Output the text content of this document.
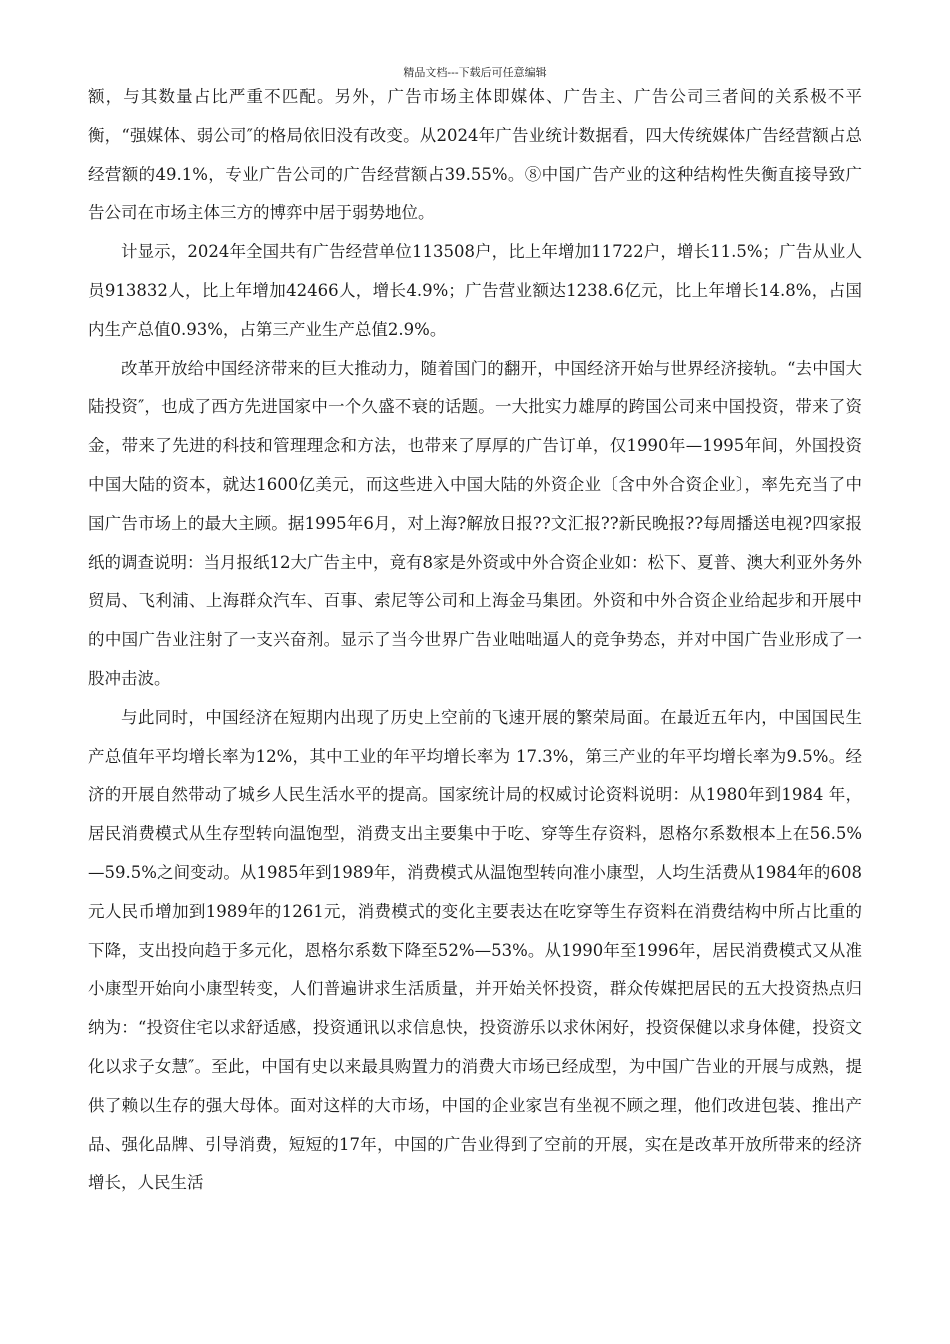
精品文档---下载后可任意编辑

额，与其数量占比严重不匹配。另外，广告市场主体即媒体、广告主、广告公司三者间的关系极不平衡，“强媒体、弱公司″的格局依旧没有改变。从2024年广告业统计数据看，四大传统媒体广告经营额占总经营额的49.1%，专业广告公司的广告经营额占39.55%。⑧中国广告产业的这种结构性失衡直接导致广告公司在市场主体三方的博弈中居于弱势地位。

计显示，2024年全国共有广告经营单位113508户，比上年增加11722户，增长11.5%；广告从业人员913832人，比上年增加42466人，增长4.9%；广告营业额达1238.6亿元，比上年增长14.8%，占国内生产总值0.93%，占第三产业生产总值2.9%。

改革开放给中国经济带来的巨大推动力，随着国门的翻开，中国经济开始与世界经济接轨。“去中国大陆投资″，也成了西方先进国家中一个久盛不衰的话题。一大批实力雄厚的跨国公司来中国投资，带来了资金，带来了先进的科技和管理理念和方法，也带来了厚厚的广告订单，仅1990年—1995年间，外国投资中国大陆的资本，就达1600亿美元，而这些进入中国大陆的外资企业〔含中外合资企业〕，率先充当了中国广告市场上的最大主顾。据1995年6月，对上海?解放日报??文汇报??新民晚报??每周播送电视?四家报纸的调查说明：当月报纸12大广告主中，竟有8家是外资或中外合资企业如：松下、夏普、澳大利亚外务外贸局、飞利浦、上海群众汽车、百事、索尼等公司和上海金马集团。外资和中外合资企业给起步和开展中的中国广告业注射了一支兴奋剂。显示了当今世界广告业咄咄逼人的竞争势态，并对中国广告业形成了一股冲击波。

与此同时，中国经济在短期内出现了历史上空前的飞速开展的繁荣局面。在最近五年内，中国国民生产总值年平均增长率为12%，其中工业的年平均增长率为 17.3%，第三产业的年平均增长率为9.5%。经济的开展自然带动了城乡人民生活水平的提高。国家统计局的权威讨论资料说明：从1980年到1984 年，居民消费模式从生存型转向温饱型，消费支出主要集中于吃、穿等生存资料，恩格尔系数根本上在56.5%—59.5%之间变动。从1985年到1989年，消费模式从温饱型转向准小康型，人均生活费从1984年的608元人民币增加到1989年的1261元，消费模式的变化主要表达在吃穿等生存资料在消费结构中所占比重的下降，支出投向趋于多元化，恩格尔系数下降至52%—53%。从1990年至1996年，居民消费模式又从准小康型开始向小康型转变，人们普遍讲求生活质量，并开始关怀投资，群众传媒把居民的五大投资热点归纳为：“投资住宅以求舒适感，投资通讯以求信息快，投资游乐以求休闲好，投资保健以求身体健，投资文化以求子女慧″。至此，中国有史以来最具购置力的消费大市场已经成型，为中国广告业的开展与成熟，提供了赖以生存的强大母体。面对这样的大市场，中国的企业家岂有坐视不顾之理，他们改进包装、推出产品、强化品牌、引导消费，短短的17年，中国的广告业得到了空前的开展，实在是改革开放所带来的经济增长，人民生活
